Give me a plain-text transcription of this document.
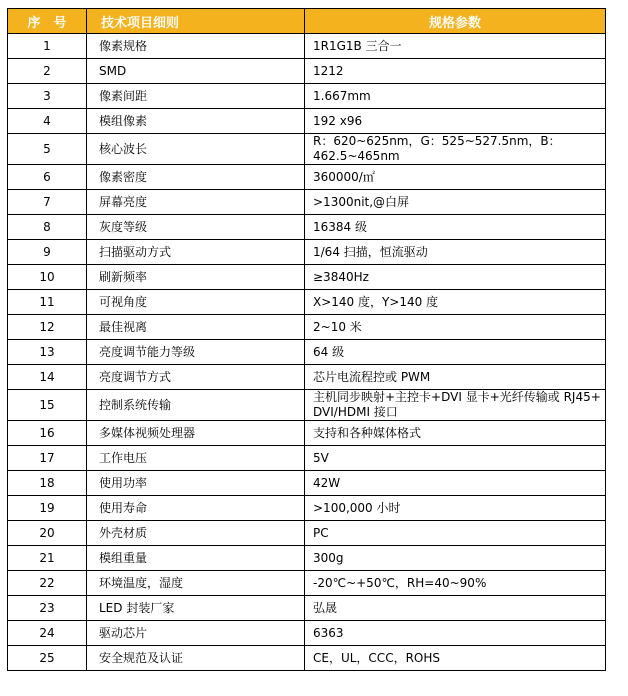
序　号	技术项目细则	规格参数
1	像素规格	1R1G1B 三合一
2	SMD	1212
3	像素间距	1.667mm
4	模组像素	192 x96
5	核心波长	R：620~625nm，G：525~527.5nm，B：462.5~465nm
6	像素密度	360000/㎡
7	屏幕亮度	>1300nit,@白屏
8	灰度等级	16384 级
9	扫描驱动方式	1/64 扫描，恒流驱动
10	刷新频率	≥3840Hz
11	可视角度	X>140 度，Y>140 度
12	最佳视离	2~10 米
13	亮度调节能力等级	64 级
14	亮度调节方式	芯片电流程控或 PWM
15	控制系统传输	主机同步映射+主控卡+DVI 显卡+光纤传输或 RJ45+ DVI/HDMI 接口
16	多媒体视频处理器	支持和各种媒体格式
17	工作电压	5V
18	使用功率	42W
19	使用寿命	>100,000 小时
20	外壳材质	PC
21	模组重量	300g
22	环境温度，湿度	-20℃~+50℃，RH=40~90%
23	LED 封装厂家	弘晟
24	驱动芯片	6363
25	安全规范及认证	CE，UL，CCC，ROHS
